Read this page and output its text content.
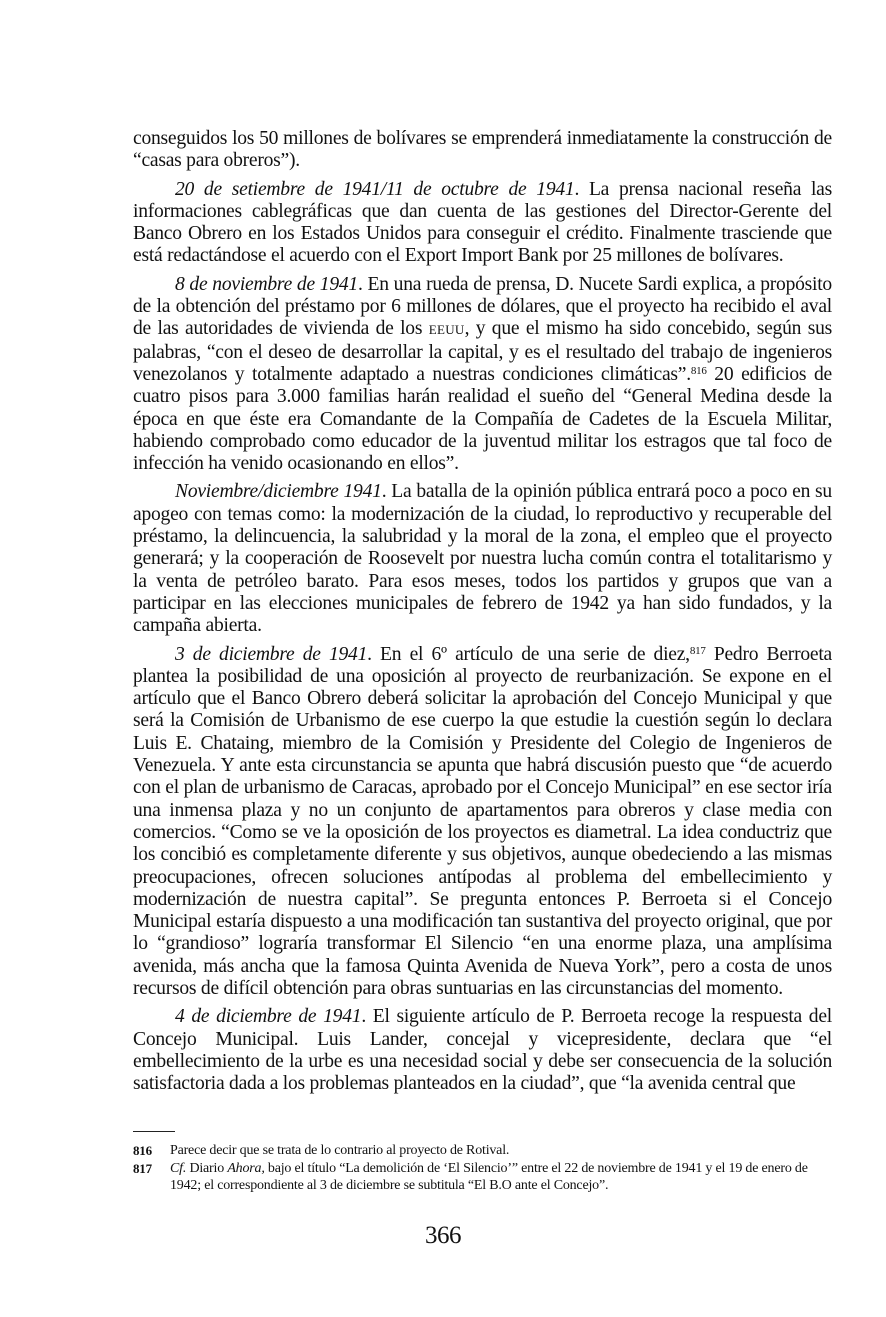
conseguidos los 50 millones de bolívares se emprenderá inmediatamente la construcción de “casas para obreros”).

20 de setiembre de 1941/11 de octubre de 1941. La prensa nacional reseña las informaciones cablegráficas que dan cuenta de las gestiones del Director-Gerente del Banco Obrero en los Estados Unidos para conseguir el crédito. Finalmente trasciende que está redactándose el acuerdo con el Export Import Bank por 25 millones de bolívares.

8 de noviembre de 1941. En una rueda de prensa, D. Nucete Sardi explica, a propósito de la obtención del préstamo por 6 millones de dólares, que el proyecto ha recibido el aval de las autoridades de vivienda de los EEUU, y que el mismo ha sido concebido, según sus palabras, “con el deseo de desarrollar la capital, y es el resultado del trabajo de ingenieros venezolanos y totalmente adaptado a nuestras condiciones climáticas”.$^{816}$ 20 edificios de cuatro pisos para 3.000 familias harán realidad el sueño del “General Medina desde la época en que éste era Comandante de la Compañía de Cadetes de la Escuela Militar, habiendo comprobado como educador de la juventud militar los estragos que tal foco de infección ha venido ocasionando en ellos”.

Noviembre/diciembre 1941. La batalla de la opinión pública entrará poco a poco en su apogeo con temas como: la modernización de la ciudad, lo reproductivo y recuperable del préstamo, la delincuencia, la salubridad y la moral de la zona, el empleo que el proyecto generará; y la cooperación de Roosevelt por nuestra lucha común contra el totalitarismo y la venta de petróleo barato. Para esos meses, todos los partidos y grupos que van a participar en las elecciones municipales de febrero de 1942 ya han sido fundados, y la campaña abierta.

3 de diciembre de 1941. En el 6º artículo de una serie de diez,$^{817}$ Pedro Berroeta plantea la posibilidad de una oposición al proyecto de reurbanización. Se expone en el artículo que el Banco Obrero deberá solicitar la aprobación del Concejo Municipal y que será la Comisión de Urbanismo de ese cuerpo la que estudie la cuestión según lo declara Luis E. Chataing, miembro de la Comisión y Presidente del Colegio de Ingenieros de Venezuela. Y ante esta circunstancia se apunta que habrá discusión puesto que “de acuerdo con el plan de urbanismo de Caracas, aprobado por el Concejo Municipal” en ese sector iría una inmensa plaza y no un conjunto de apartamentos para obreros y clase media con comercios. “Como se ve la oposición de los proyectos es diametral. La idea conductriz que los concibió es completamente diferente y sus objetivos, aunque obedeciendo a las mismas preocupaciones, ofrecen soluciones antípodas al problema del embellecimiento y modernización de nuestra capital”. Se pregunta entonces P. Berroeta si el Concejo Municipal estaría dispuesto a una modificación tan sustantiva del proyecto original, que por lo “grandioso” lograría transformar El Silencio “en una enorme plaza, una amplísima avenida, más ancha que la famosa Quinta Avenida de Nueva York”, pero a costa de unos recursos de difícil obtención para obras suntuarias en las circunstancias del momento.

4 de diciembre de 1941. El siguiente artículo de P. Berroeta recoge la respuesta del Concejo Municipal. Luis Lander, concejal y vicepresidente, declara que “el embellecimiento de la urbe es una necesidad social y debe ser consecuencia de la solución satisfactoria dada a los problemas planteados en la ciudad”, que “la avenida central que

816	Parece decir que se trata de lo contrario al proyecto de Rotival.
817	Cf. Diario Ahora, bajo el título “La demolición de ‘El Silencio’” entre el 22 de noviembre de 1941 y el 19 de enero de 1942; el correspondiente al 3 de diciembre se subtitula “El B.O ante el Concejo”.
366
